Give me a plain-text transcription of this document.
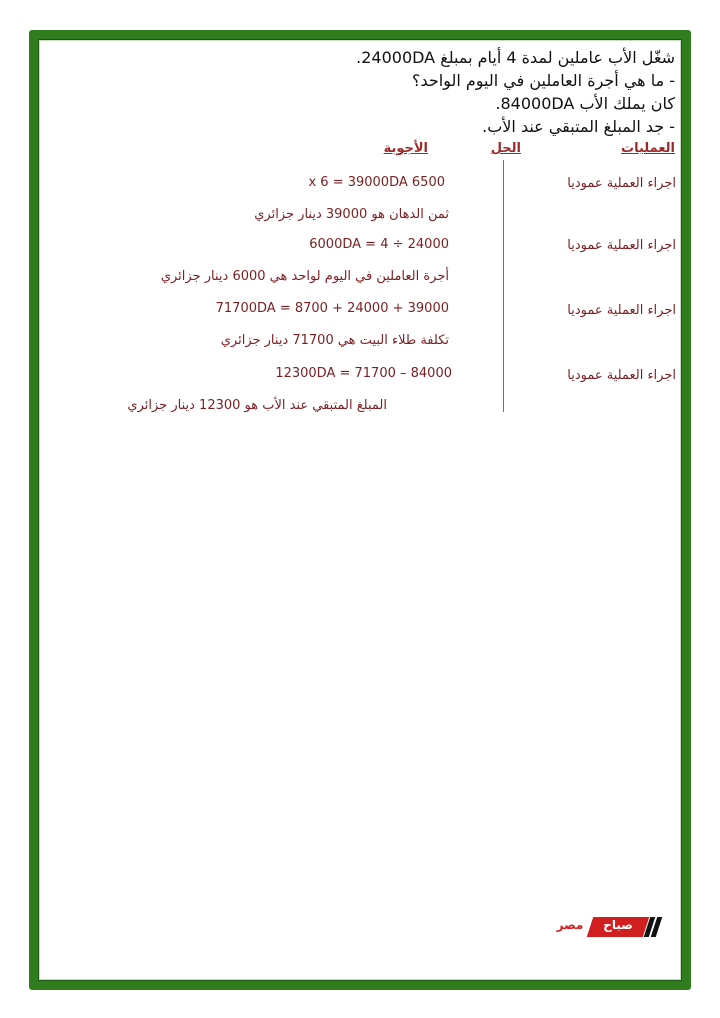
شغّل الأب عاملين لمدة 4 أيام بمبلغ 24000DA.
- ما هي أجرة العاملين في اليوم الواحد؟
كان يملك الأب 84000DA.
- جد المبلغ المتبقي عند الأب.
العمليات
الحل
الأجوبة
اجراء العملية عموديا
6500 x 6 = 39000DA
ثمن الدهان هو 39000 دينار جزائري
اجراء العملية عموديا
24000 ÷ 4 = 6000DA
أجرة العاملين في اليوم لواحد هي 6000 دينار جزائري
اجراء العملية عموديا
39000 + 24000 + 8700 = 71700DA
تكلفة طلاء البيت هي 71700 دينار جزائري
اجراء العملية عموديا
84000 – 71700 = 12300DA
المبلغ المتبقي عند الأب هو 12300 دينار جزائري
صباح
مصر
